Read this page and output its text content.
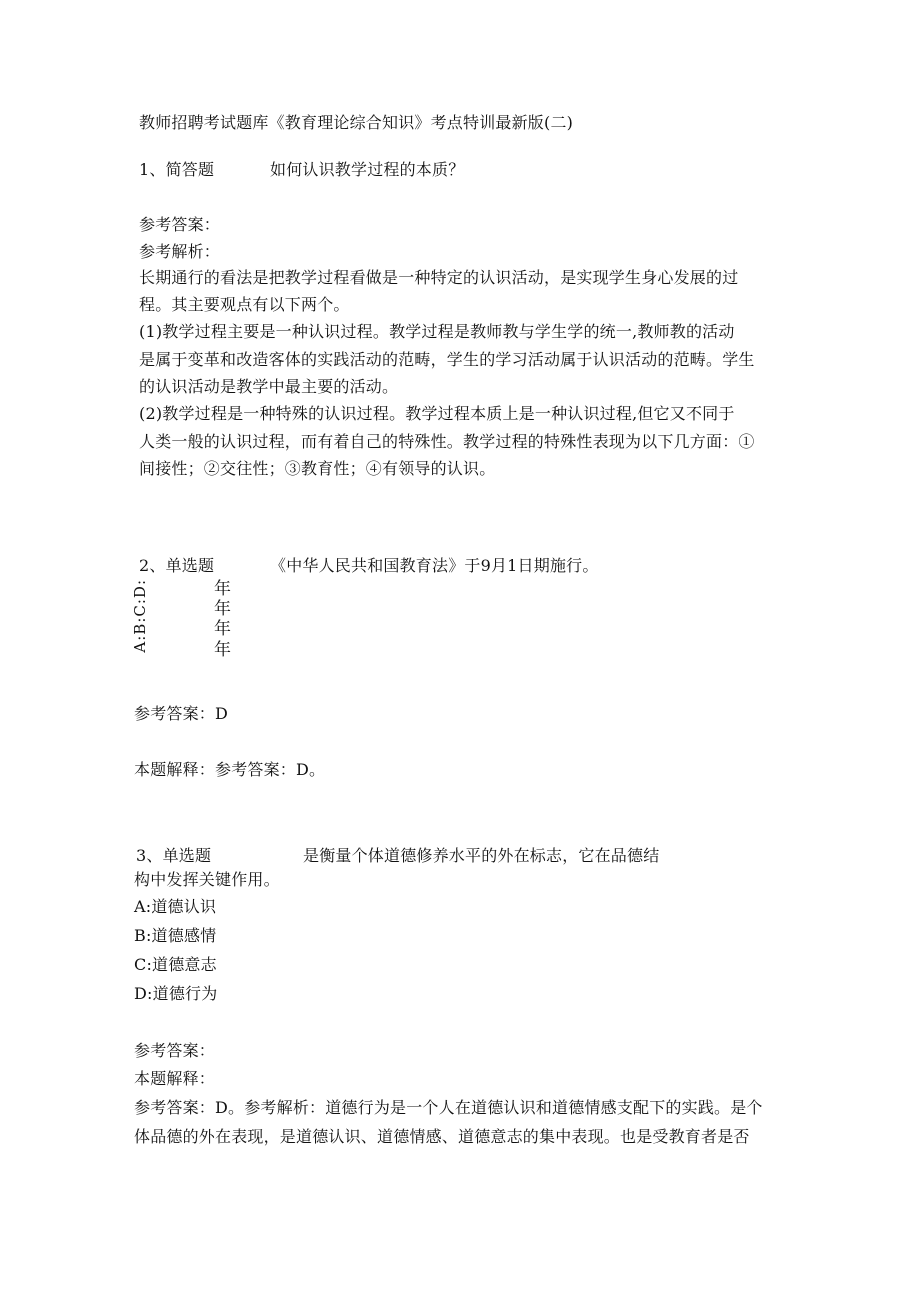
教师招聘考试题库《教育理论综合知识》考点特训最新版(二)
1、简答题	如何认识教学过程的本质？
参考答案：
参考解析：
长期通行的看法是把教学过程看做是一种特定的认识活动，是实现学生身心发展的过
程。其主要观点有以下两个。
(1)教学过程主要是一种认识过程。教学过程是教师教与学生学的统一,教师教的活动
是属于变革和改造客体的实践活动的范畴，学生的学习活动属于认识活动的范畴。学生
的认识活动是教学中最主要的活动。
(2)教学过程是一种特殊的认识过程。教学过程本质上是一种认识过程,但它又不同于
人类一般的认识过程，而有着自己的特殊性。教学过程的特殊性表现为以下几方面：①
间接性；②交往性；③教育性；④有领导的认识。
2、单选题	《中华人民共和国教育法》于9月1日期施行。
A:B:C:D:	年
年
年
年
参考答案：D
本题解释：参考答案：D。
3、单选题	是衡量个体道德修养水平的外在标志，它在品德结
构中发挥关键作用。
A:道德认识
B:道德感情
C:道德意志
D:道德行为
参考答案：
本题解释：
参考答案：D。参考解析：道德行为是一个人在道德认识和道德情感支配下的实践。是个
体品德的外在表现，是道德认识、道德情感、道德意志的集中表现。也是受教育者是否
